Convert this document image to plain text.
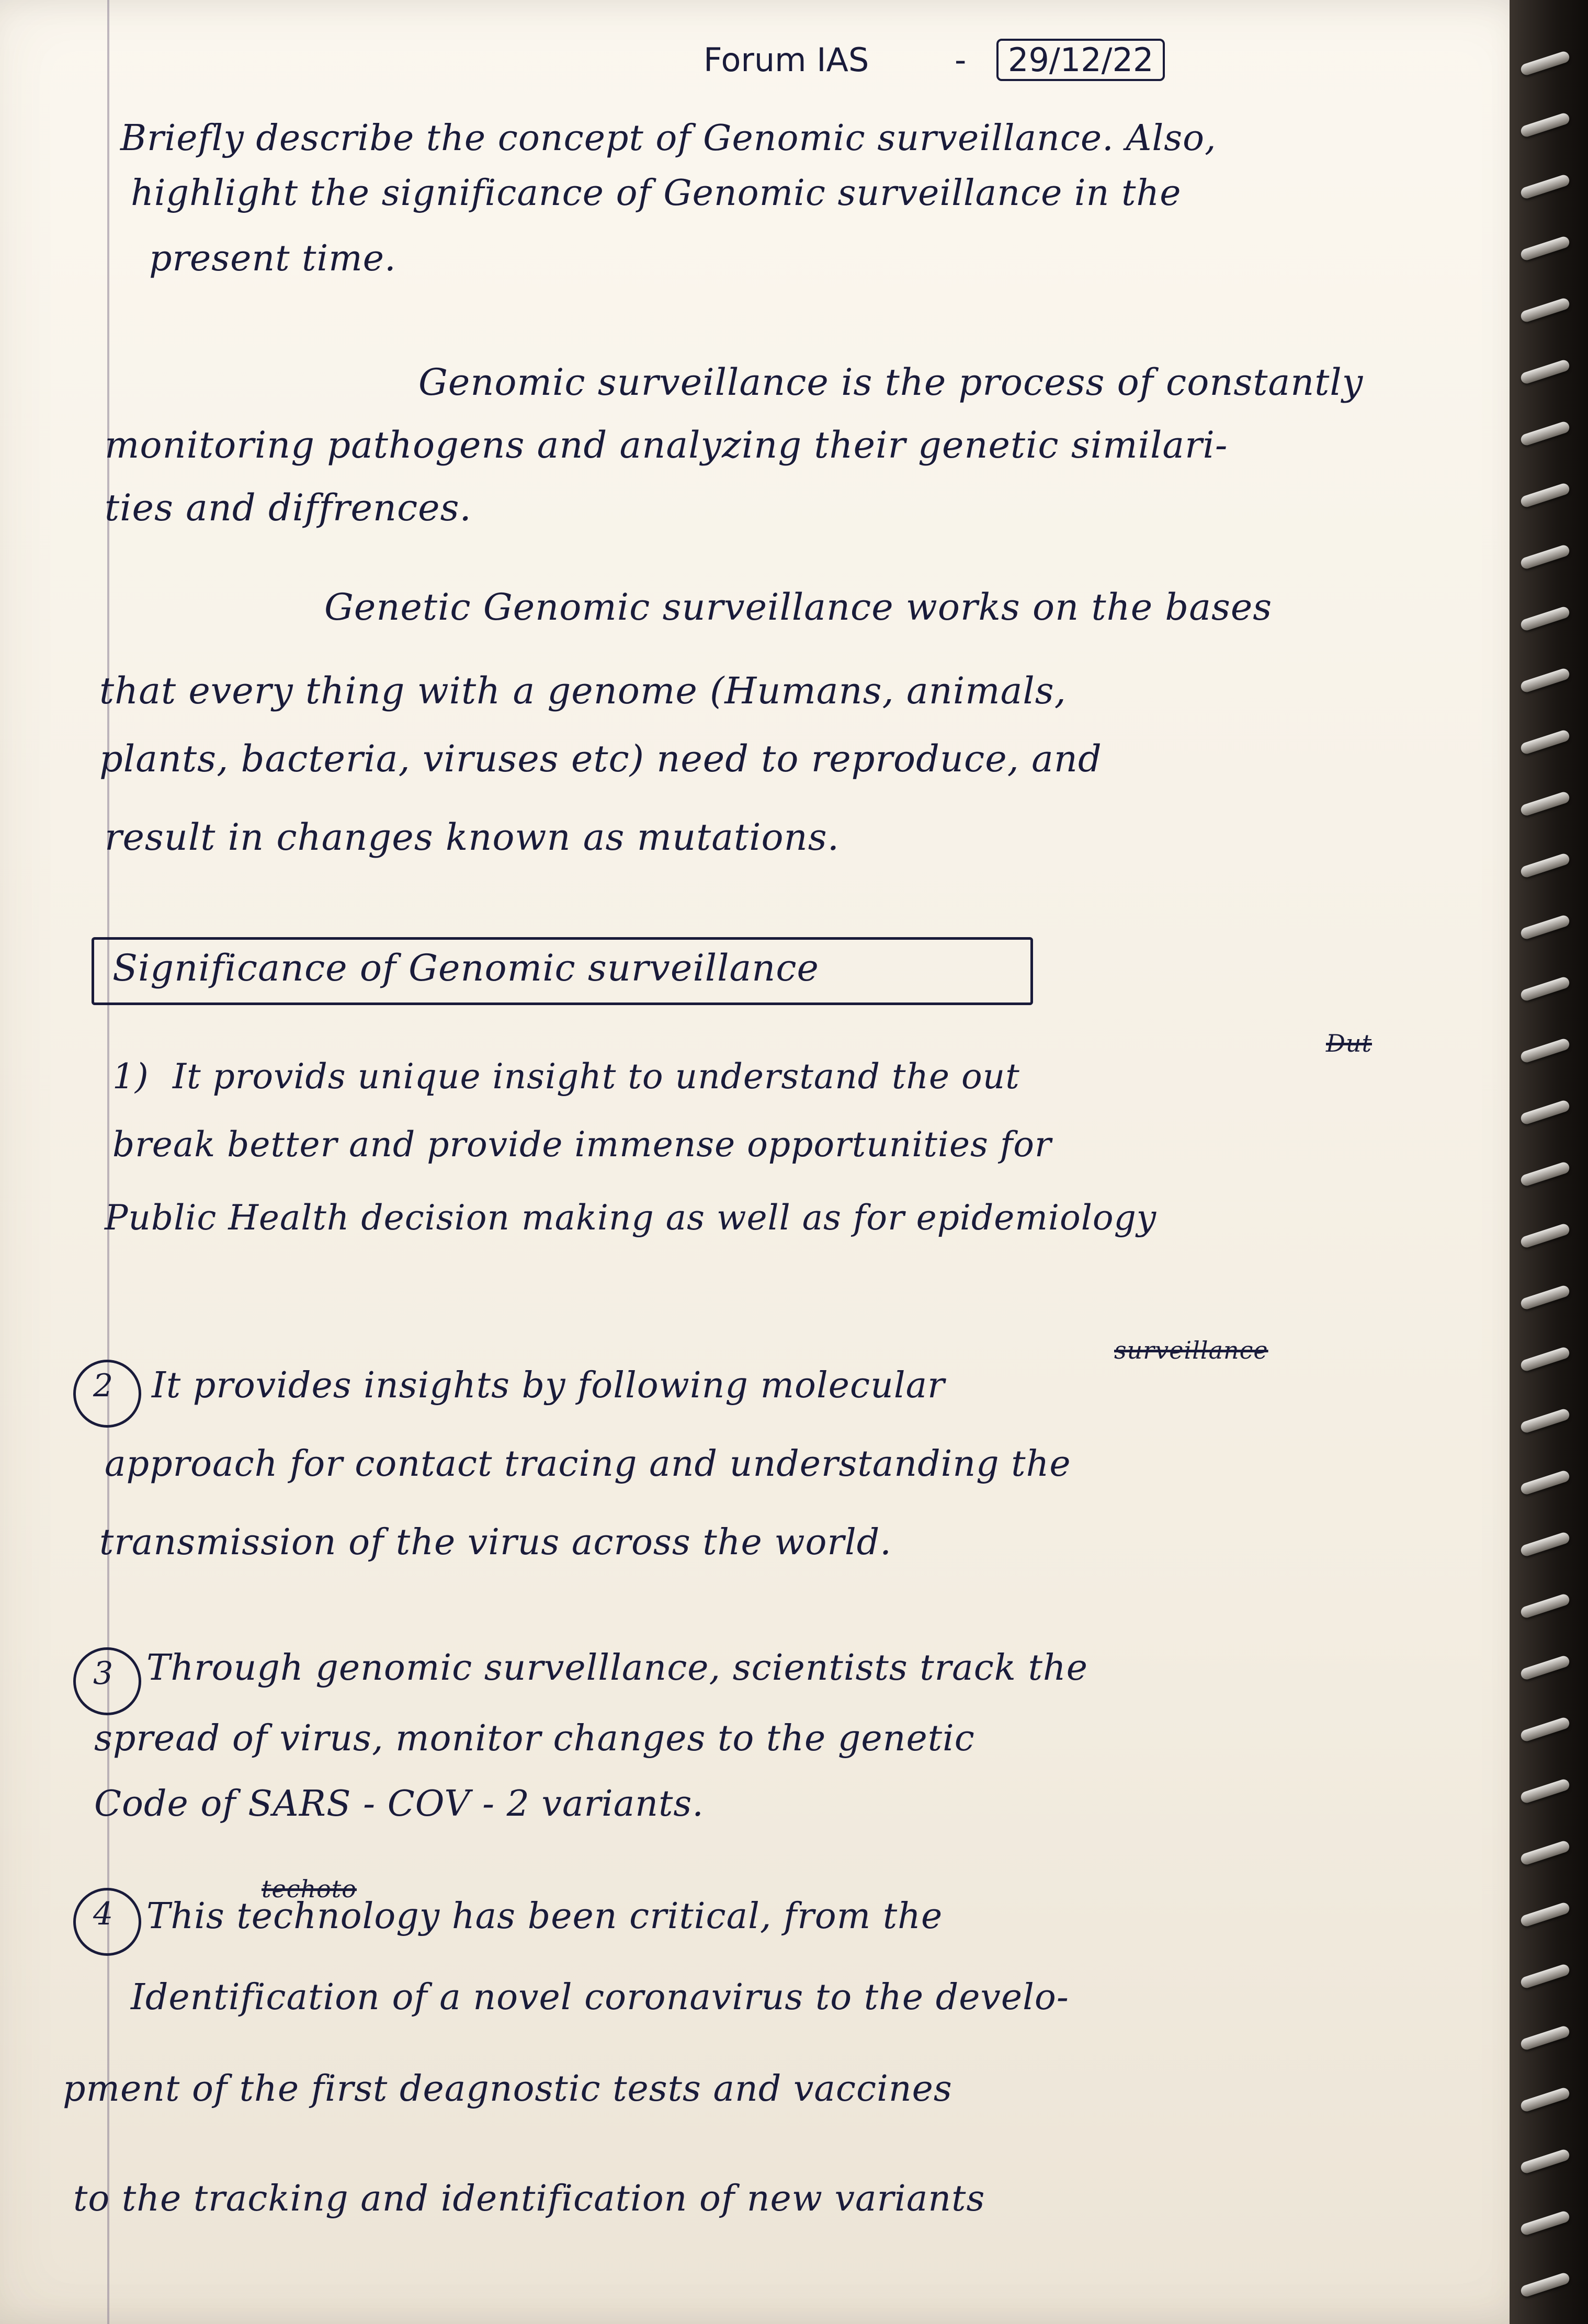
Forum IAS	-	29/12/22
Briefly describe the concept of Genomic surveillance. Also,
highlight the significance of Genomic surveillance in the
present time.
Genomic surveillance is the process of constantly
monitoring pathogens and analyzing their genetic similari-
ties and diffrences.
Genetic Genomic surveillance works on the bases
that every thing with a genome (Humans, animals,
plants, bacteria, viruses etc) need to reproduce, and
result in changes known as mutations.
Significance of Genomic surveillance
1) It provids unique insight to understand the out
Dut
break better and provide immense opportunities for
Public Health decision making as well as for epidemiology
2 It provides insights by following molecular
surveillance
approach for contact tracing and understanding the
transmission of the virus across the world.
3 Through genomic survelllance, scientists track the
spread of virus, monitor changes to the genetic
Code of SARS - COV - 2 variants.
4
techoto
This technology has been critical, from the
Identification of a novel coronavirus to the develo-
pment of the first deagnostic tests and vaccines
to the tracking and identification of new variants
